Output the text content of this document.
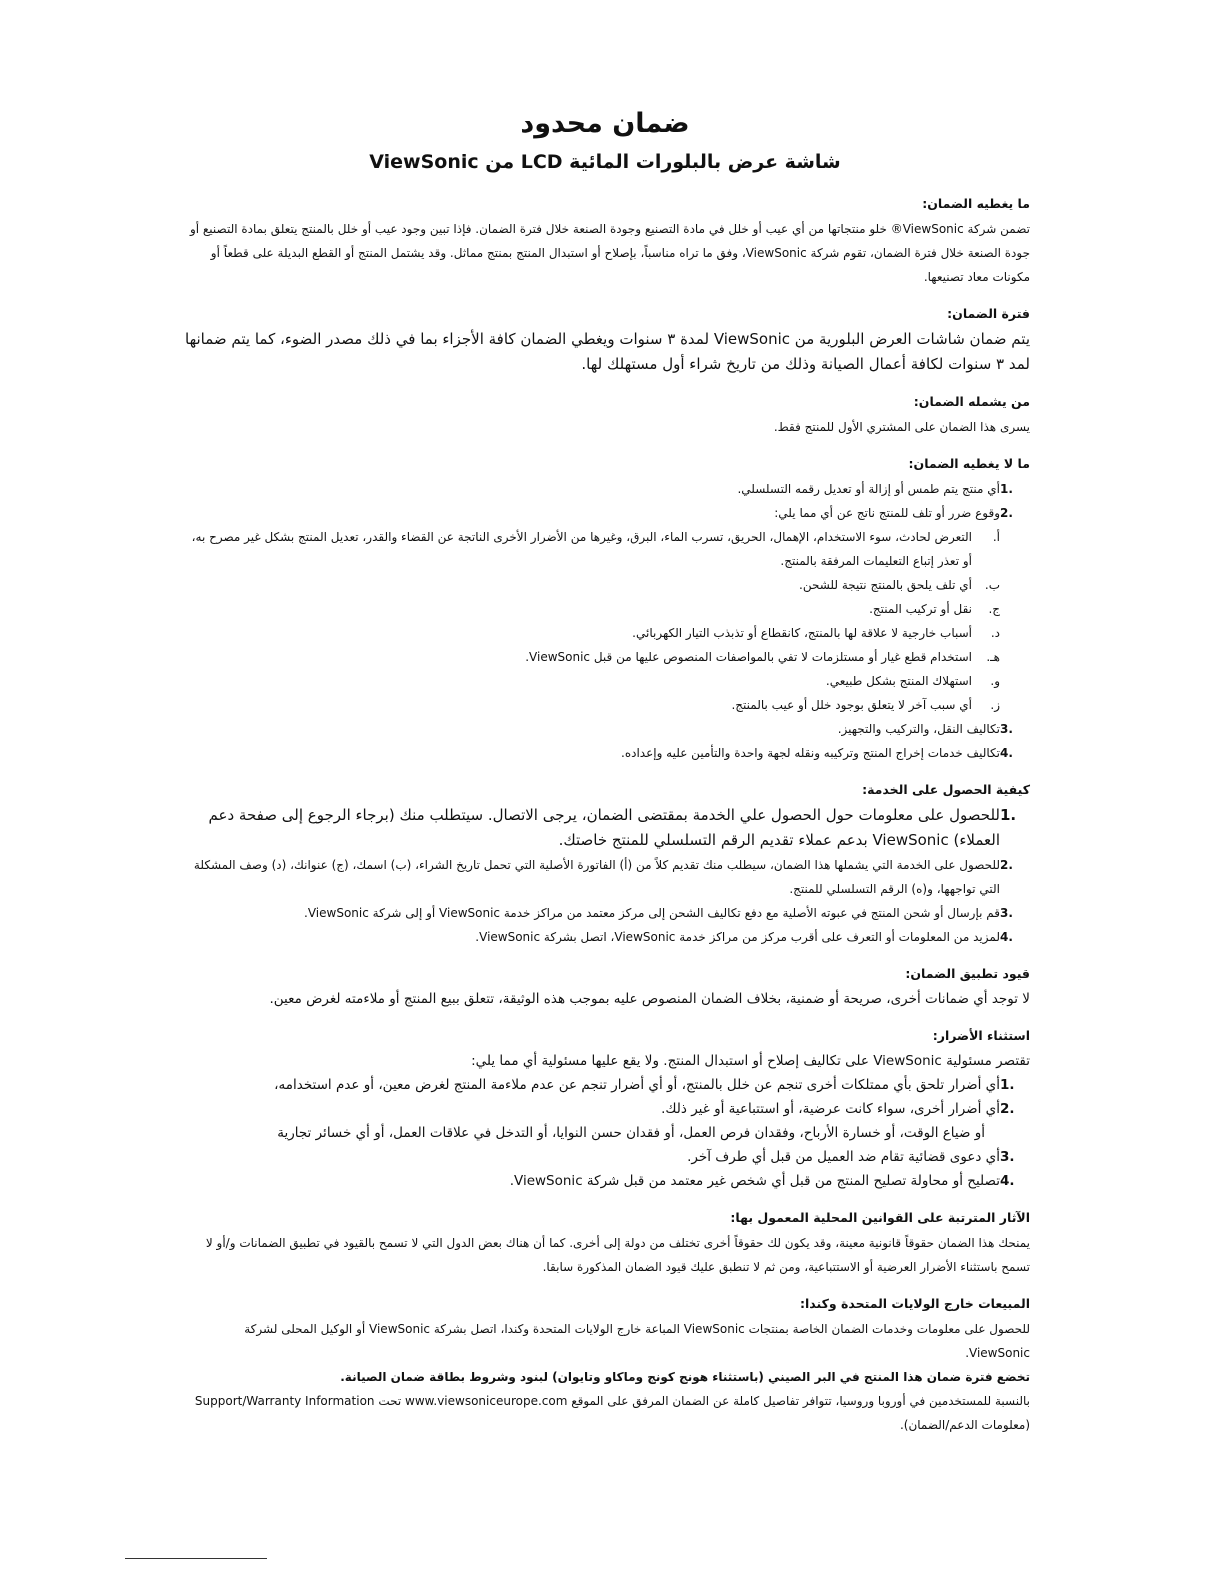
ضمان محدود
شاشة عرض بالبلورات المائية LCD من ViewSonic
ما يغطيه الضمان:

تضمن شركة ViewSonic® خلو منتجاتها من أي عيب أو خلل في مادة التصنيع وجودة الصنعة خلال فترة الضمان. فإذا تبين وجود عيب أو خلل بالمنتج يتعلق بمادة التصنيع أو جودة الصنعة خلال فترة الضمان، تقوم شركة ViewSonic، وفق ما تراه مناسباً، بإصلاح أو استبدال المنتج بمنتج مماثل. وقد يشتمل المنتج أو القطع البديلة على قطعاً أو مكونات معاد تصنيعها.

فترة الضمان:

يتم ضمان شاشات العرض البلورية من ViewSonic لمدة ٣ سنوات ويغطي الضمان كافة الأجزاء بما في ذلك مصدر الضوء، كما يتم ضمانها لمد ٣ سنوات لكافة أعمال الصيانة وذلك من تاريخ شراء أول مستهلك لها.

من يشمله الضمان:

يسرى هذا الضمان على المشتري الأول للمنتج فقط.

ما لا يغطيه الضمان:
1.
أي منتج يتم طمس أو إزالة أو تعديل رقمه التسلسلي.
2.
وقوع ضرر أو تلف للمنتج ناتج عن أي مما يلي:
أ.
التعرض لحادث، سوء الاستخدام، الإهمال، الحريق، تسرب الماء، البرق، وغيرها من الأضرار الأخرى الناتجة عن القضاء والقدر، تعديل المنتج بشكل غير مصرح به، أو تعذر إتباع التعليمات المرفقة بالمنتج.
ب.
أي تلف يلحق بالمنتج نتيجة للشحن.
ج.
نقل أو تركيب المنتج.
د.
أسباب خارجية لا علاقة لها بالمنتج، كانقطاع أو تذبذب التيار الكهربائي.
هـ.
استخدام قطع غيار أو مستلزمات لا تفي بالمواصفات المنصوص عليها من قبل ViewSonic.
و.
استهلاك المنتج بشكل طبيعي.
ز.
أي سبب آخر لا يتعلق بوجود خلل أو عيب بالمنتج.
3.
تكاليف النقل، والتركيب والتجهيز.
4.
تكاليف خدمات إخراج المنتج وتركيبه ونقله لجهة واحدة والتأمين عليه وإعداده.
كيفية الحصول على الخدمة:
1.
للحصول على معلومات حول الحصول علي الخدمة بمقتضى الضمان، يرجى الاتصال. سيتطلب منك (برجاء الرجوع إلى صفحة دعم العملاء) ViewSonic بدعم عملاء تقديم الرقم التسلسلي للمنتج خاصتك.
2.
للحصول على الخدمة التي يشملها هذا الضمان، سيطلب منك تقديم كلاً من (أ) الفاتورة الأصلية التي تحمل تاريخ الشراء، (ب) اسمك، (ج) عنوانك، (د) وصف المشكلة التي تواجهها، و(ه) الرقم التسلسلي للمنتج.
3.
قم بإرسال أو شحن المنتج في عبوته الأصلية مع دفع تكاليف الشحن إلى مركز معتمد من مراكز خدمة ViewSonic أو إلى شركة ViewSonic.
4.
لمزيد من المعلومات أو التعرف على أقرب مركز من مراكز خدمة ViewSonic، اتصل بشركة ViewSonic.
قيود تطبيق الضمان:

لا توجد أي ضمانات أخرى، صريحة أو ضمنية، بخلاف الضمان المنصوص عليه بموجب هذه الوثيقة، تتعلق ببيع المنتج أو ملاءمته لغرض معين.

استثناء الأضرار:

تقتصر مسئولية ViewSonic على تكاليف إصلاح أو استبدال المنتج. ولا يقع عليها مسئولية أي مما يلي:

1.
أي أضرار تلحق بأي ممتلكات أخرى تنجم عن خلل بالمنتج، أو أي أضرار تنجم عن عدم ملاءمة المنتج لغرض معين، أو عدم استخدامه،
2.
أي أضرار أخرى، سواء كانت عرضية، أو استتباعية أو غير ذلك.

أو ضياع الوقت، أو خسارة الأرباح، وفقدان فرص العمل، أو فقدان حسن النوايا، أو التدخل في علاقات العمل، أو أي خسائر تجارية

3.
أي دعوى قضائية تقام ضد العميل من قبل أي طرف آخر.
4.
تصليح أو محاولة تصليح المنتج من قبل أي شخص غير معتمد من قبل شركة ViewSonic.
الآثار المترتبة على القوانين المحلية المعمول بها:

يمنحك هذا الضمان حقوقاً قانونية معينة، وقد يكون لك حقوقاً أخرى تختلف من دولة إلى أخرى. كما أن هناك بعض الدول التي لا تسمح بالقيود في تطبيق الضمانات و/أو لا تسمح باستثناء الأضرار العرضية أو الاستتباعية، ومن ثم لا تنطبق عليك قيود الضمان المذكورة سابقا.

المبيعات خارج الولايات المتحدة وكندا:

للحصول على معلومات وخدمات الضمان الخاصة بمنتجات ViewSonic المباعة خارج الولايات المتحدة وكندا، اتصل بشركة ViewSonic أو الوكيل المحلى لشركة ViewSonic.

تخضع فترة ضمان هذا المنتج في البر الصيني (باستثناء هونج كونج وماكاو وتايوان) لبنود وشروط بطاقة ضمان الصيانة.

بالنسبة للمستخدمين في أوروبا وروسيا، تتوافر تفاصيل كاملة عن الضمان المرفق على الموقع www.viewsoniceurope.com تحت Support/Warranty Information (معلومات الدعم/الضمان).
